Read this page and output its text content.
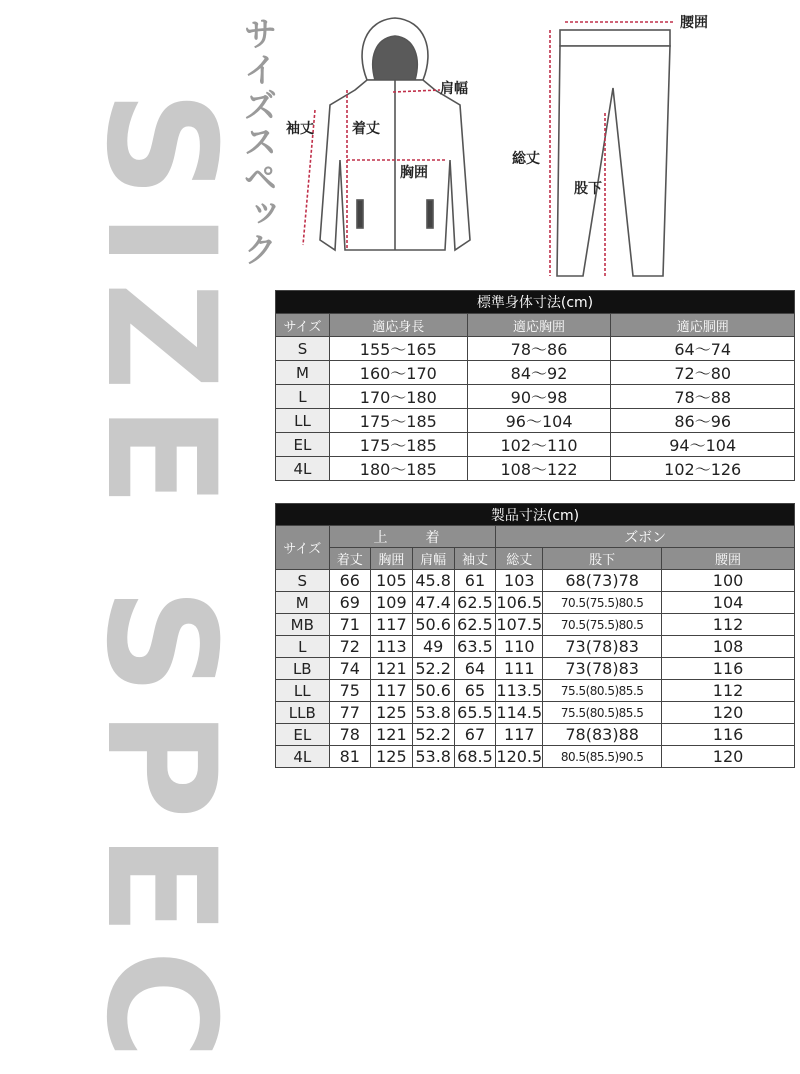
SIZE SPEC
サイズスペック	肩幅
袖丈	着丈
胸囲
腰囲
総丈
股下
標準身体寸法(cm)			
サイズ	適応身長	適応胸囲	適応胴囲
S	155〜165	78〜86	64〜74
M	160〜170	84〜92	72〜80
L	170〜180	90〜98	78〜88
LL	175〜185	96〜104	86〜96
EL	175〜185	102〜110	94〜104
4L	180〜185	108〜122	102〜126
製品寸法(cm)							
サイズ	上　着				ズボン		
	着丈	胸囲	肩幅	袖丈	総丈	股下	腰囲
S	66	105	45.8	61	103	68(73)78	100
M	69	109	47.4	62.5	106.5	70.5(75.5)80.5	104
MB	71	117	50.6	62.5	107.5	70.5(75.5)80.5	112
L	72	113	49	63.5	110	73(78)83	108
LB	74	121	52.2	64	111	73(78)83	116
LL	75	117	50.6	65	113.5	75.5(80.5)85.5	112
LLB	77	125	53.8	65.5	114.5	75.5(80.5)85.5	120
EL	78	121	52.2	67	117	78(83)88	116
4L	81	125	53.8	68.5	120.5	80.5(85.5)90.5	120
